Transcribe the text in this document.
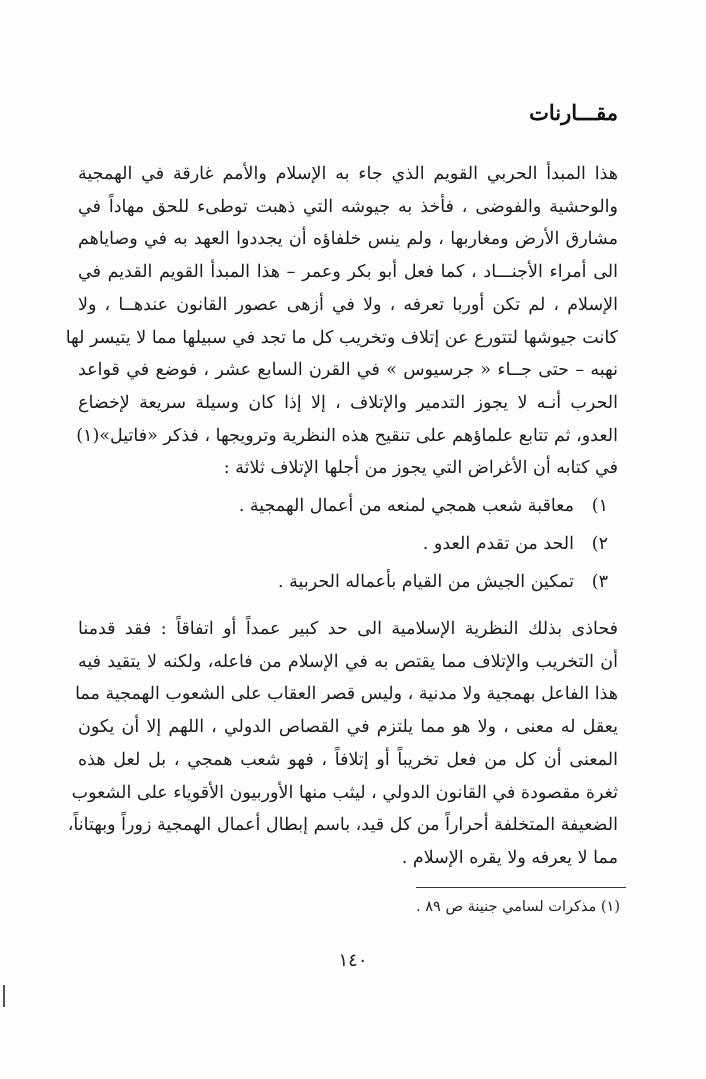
مقـــارنات
هذا المبدأ الحربي القويم الذي جاء به الإسلام والأمم غارقة في الهمجية
والوحشية والفوضى ، فأخذ به جيوشه التي ذهبت توطىء للحق مهاداً في
مشارق الأرض ومغاربها ، ولم ينس خلفاؤه أن يجددوا العهد به في وصاياهم
الى أمراء الأجنـــاد ، كما فعل أبو بكر وعمر – هذا المبدأ القويم القديم في
الإسلام ، لم تكن أوربا تعرفه ، ولا في أزهى عصور القانون عندهــا ، ولا
كانت جيوشها لتتورع عن إتلاف وتخريب كل ما تجد في سبيلها مما لا يتيسر لها
نهبه – حتى جــاء « جرسيوس » في القرن السابع عشر ، فوضع في قواعد
الحرب أنـه لا يجوز التدمير والإتلاف ، إلا إذا كان وسيلة سريعة لإخضاع
العدو، ثم تتابع علماؤهم على تنقيح هذه النظرية وترويجها ، فذكر «فاتيل»(١)
في كتابه أن الأغراض التي يجوز من أجلها الإتلاف ثلاثة :
١)
معاقبة شعب همجي لمنعه من أعمال الهمجية .
٢)
الحد من تقدم العدو .
٣)
تمكين الجيش من القيام بأعماله الحربية .
فحاذى بذلك النظرية الإسلامية الى حد كبير عمداً أو اتفاقاً : فقد قدمنا
أن التخريب والإتلاف مما يقتص به في الإسلام من فاعله، ولكنه لا يتقيد فيه
هذا الفاعل بهمجية ولا مدنية ، وليس قصر العقاب على الشعوب الهمجية مما
يعقل له معنى ، ولا هو مما يلتزم في القصاص الدولي ، اللهم إلا أن يكون
المعنى أن كل من فعل تخريباً أو إتلافاً ، فهو شعب همجي ، بل لعل هذه
ثغرة مقصودة في القانون الدولي ، ليثب منها الأوربيون الأقوياء على الشعوب
الضعيفة المتخلفة أحراراً من كل قيد، باسم إبطال أعمال الهمجية زوراً وبهتاناً،
مما لا يعرفه ولا يقره الإسلام .
(١) مذكرات لسامي جنينة ص ٨٩ .
١٤٠
